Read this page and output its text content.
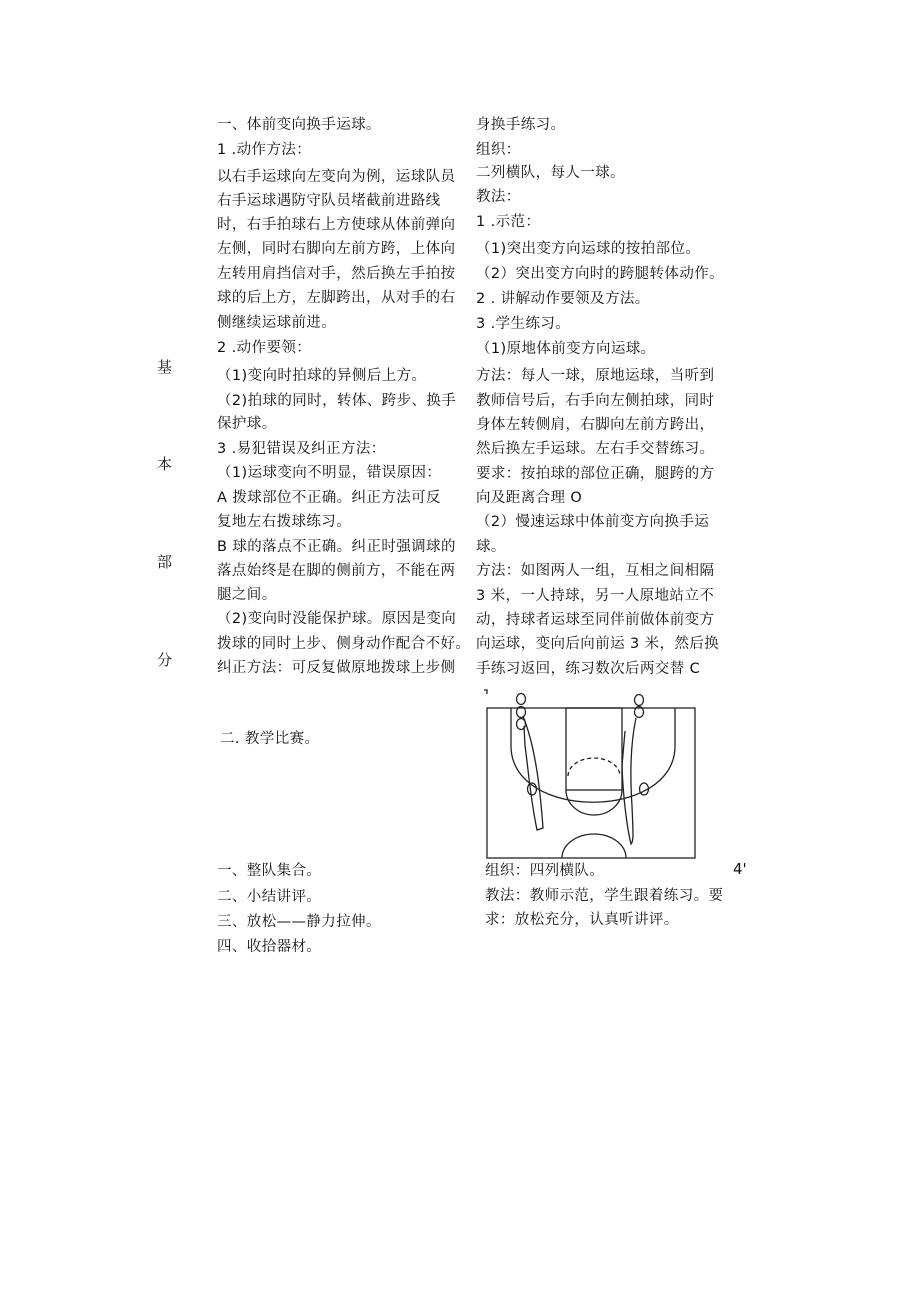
基
本
部
分
一、体前变向换手运球。
1 .动作方法：
以右手运球向左变向为例，运球队员
右手运球遇防守队员堵截前进路线
时，右手拍球右上方使球从体前弹向
左侧，同时右脚向左前方跨，上体向
左转用肩挡信对手，然后换左手拍按
球的后上方，左脚跨出，从对手的右
侧继续运球前进。
2 .动作要领：
（1)变向时拍球的异侧后上方。
（2)拍球的同时，转体、跨步、换手
保护球。
3 .易犯错误及纠正方法：
（1)运球变向不明显，错误原因：
A 拨球部位不正确。纠正方法可反
复地左右拨球练习。
B 球的落点不正确。纠正时强调球的
落点始终是在脚的侧前方，不能在两
腿之间。
（2)变向时没能保护球。原因是变向
拨球的同时上步、侧身动作配合不好。
纠正方法：可反复做原地拨球上步侧
二. 教学比赛。
身换手练习。
组织：
二列横队，每人一球。
教法：
1 .示范：
（1)突出变方向运球的按拍部位。
（2）突出变方向时的跨腿转体动作。
2 . 讲解动作要领及方法。
3 .学生练习。
（1)原地体前变方向运球。
方法：每人一球，原地运球，当听到
教师信号后，右手向左侧拍球，同时
身体左转侧肩，右脚向左前方跨出，
然后换左手运球。左右手交替练习。
要求：按拍球的部位正确，腿跨的方
向及距离合理 O
（2）慢速运球中体前变方向换手运
球。
方法：如图两人一组，互相之间相隔
3 米，一人持球，另一人原地站立不
动，持球者运球至同伴前做体前变方
向运球，变向后向前运 3 米，然后换
手练习返回，练习数次后两交替 C
一、整队集合。
二、小结讲评。
三、放松——静力拉伸。
四、收拾器材。
组织：四列横队。
教法：教师示范，学生跟着练习。要
求：放松充分，认真听讲评。
4'
